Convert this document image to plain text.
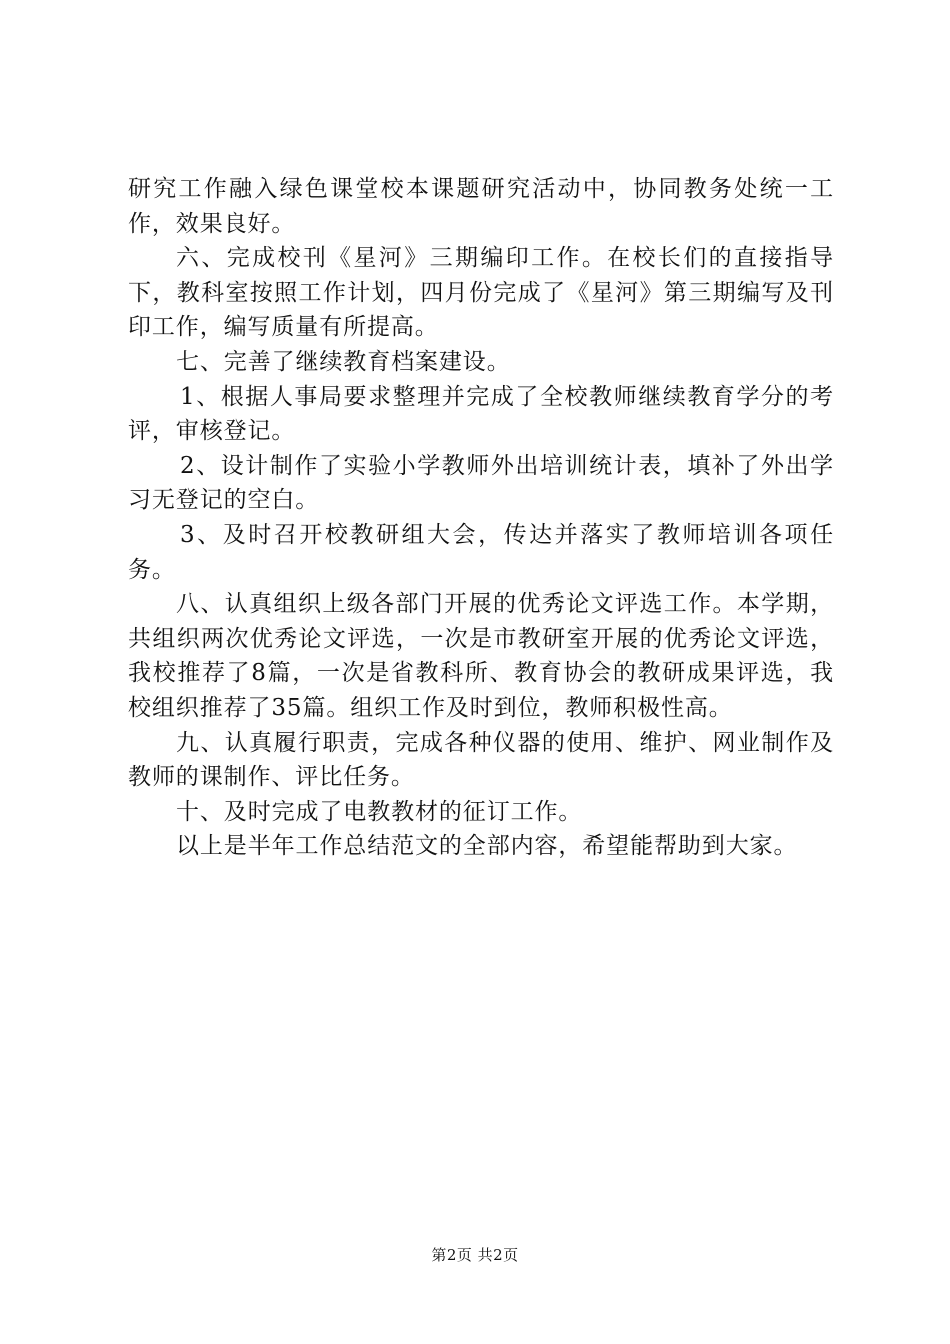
研究工作融入绿色课堂校本课题研究活动中，协同教务处统一工作，效果良好。

六、完成校刊《星河》三期编印工作。在校长们的直接指导下，教科室按照工作计划，四月份完成了《星河》第三期编写及刊印工作，编写质量有所提高。

七、完善了继续教育档案建设。

1、根据人事局要求整理并完成了全校教师继续教育学分的考评，审核登记。

2、设计制作了实验小学教师外出培训统计表，填补了外出学习无登记的空白。

3、及时召开校教研组大会，传达并落实了教师培训各项任务。

八、认真组织上级各部门开展的优秀论文评选工作。本学期，共组织两次优秀论文评选，一次是市教研室开展的优秀论文评选，我校推荐了8篇，一次是省教科所、教育协会的教研成果评选，我校组织推荐了35篇。组织工作及时到位，教师积极性高。

九、认真履行职责，完成各种仪器的使用、维护、网业制作及教师的课制作、评比任务。

十、及时完成了电教教材的征订工作。

以上是半年工作总结范文的全部内容，希望能帮助到大家。

第2页 共2页
